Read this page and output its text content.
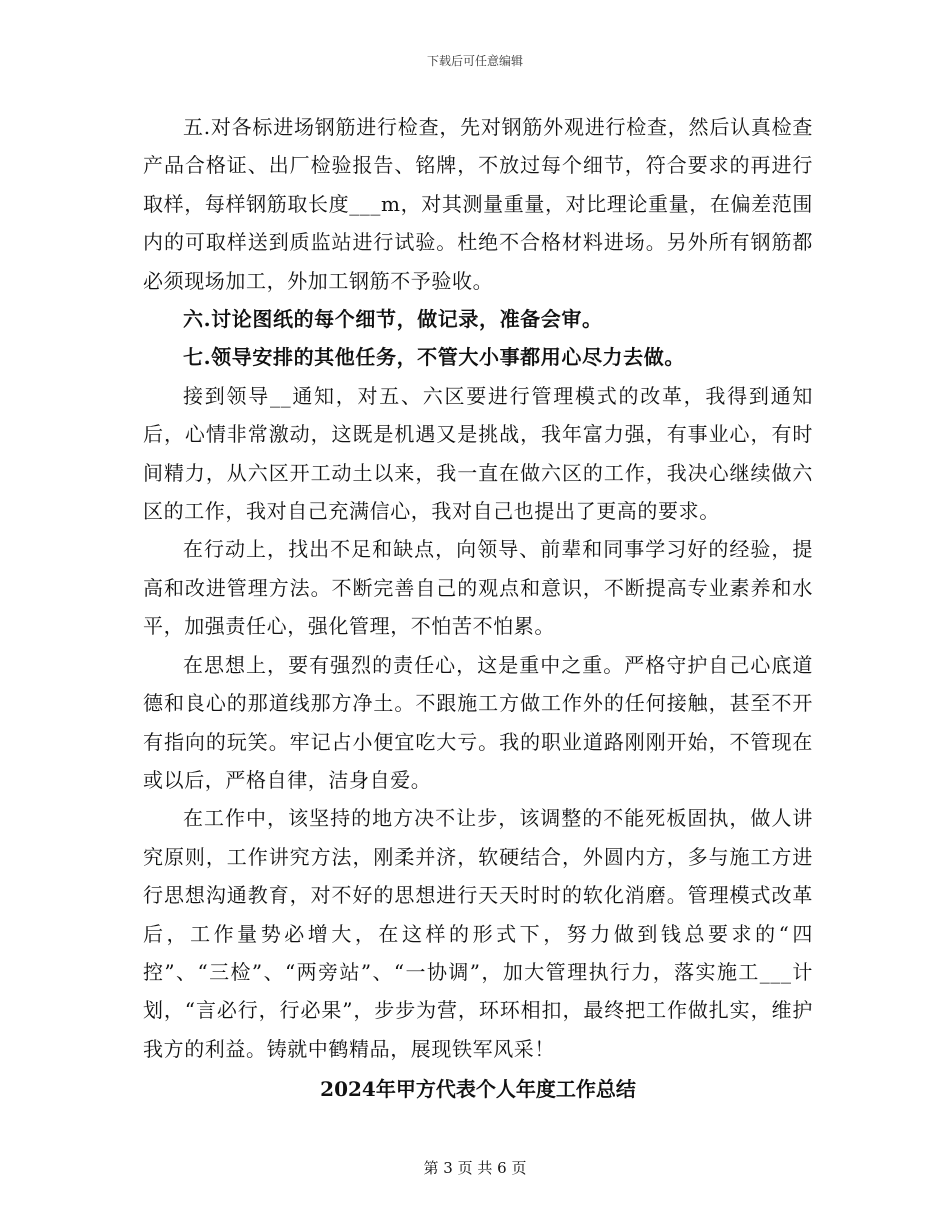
下载后可任意编辑

五.对各标进场钢筋进行检查，先对钢筋外观进行检查，然后认真检查产品合格证、出厂检验报告、铭牌，不放过每个细节，符合要求的再进行取样，每样钢筋取长度___m，对其测量重量，对比理论重量，在偏差范围内的可取样送到质监站进行试验。杜绝不合格材料进场。另外所有钢筋都必须现场加工，外加工钢筋不予验收。

六.讨论图纸的每个细节，做记录，准备会审。

七.领导安排的其他任务，不管大小事都用心尽力去做。

接到领导__通知，对五、六区要进行管理模式的改革，我得到通知后，心情非常激动，这既是机遇又是挑战，我年富力强，有事业心，有时间精力，从六区开工动土以来，我一直在做六区的工作，我决心继续做六区的工作，我对自己充满信心，我对自己也提出了更高的要求。

在行动上，找出不足和缺点，向领导、前辈和同事学习好的经验，提高和改进管理方法。不断完善自己的观点和意识，不断提高专业素养和水平，加强责任心，强化管理，不怕苦不怕累。

在思想上，要有强烈的责任心，这是重中之重。严格守护自己心底道德和良心的那道线那方净土。不跟施工方做工作外的任何接触，甚至不开有指向的玩笑。牢记占小便宜吃大亏。我的职业道路刚刚开始，不管现在或以后，严格自律，洁身自爱。

在工作中，该坚持的地方决不让步，该调整的不能死板固执，做人讲究原则，工作讲究方法，刚柔并济，软硬结合，外圆内方，多与施工方进行思想沟通教育，对不好的思想进行天天时时的软化消磨。管理模式改革后，工作量势必增大，在这样的形式下，努力做到钱总要求的“四控”、“三检”、“两旁站”、“一协调”，加大管理执行力，落实施工___计划，“言必行，行必果”，步步为营，环环相扣，最终把工作做扎实，维护我方的利益。铸就中鹤精品，展现铁军风采！

2024年甲方代表个人年度工作总结

第 3 页 共 6 页
